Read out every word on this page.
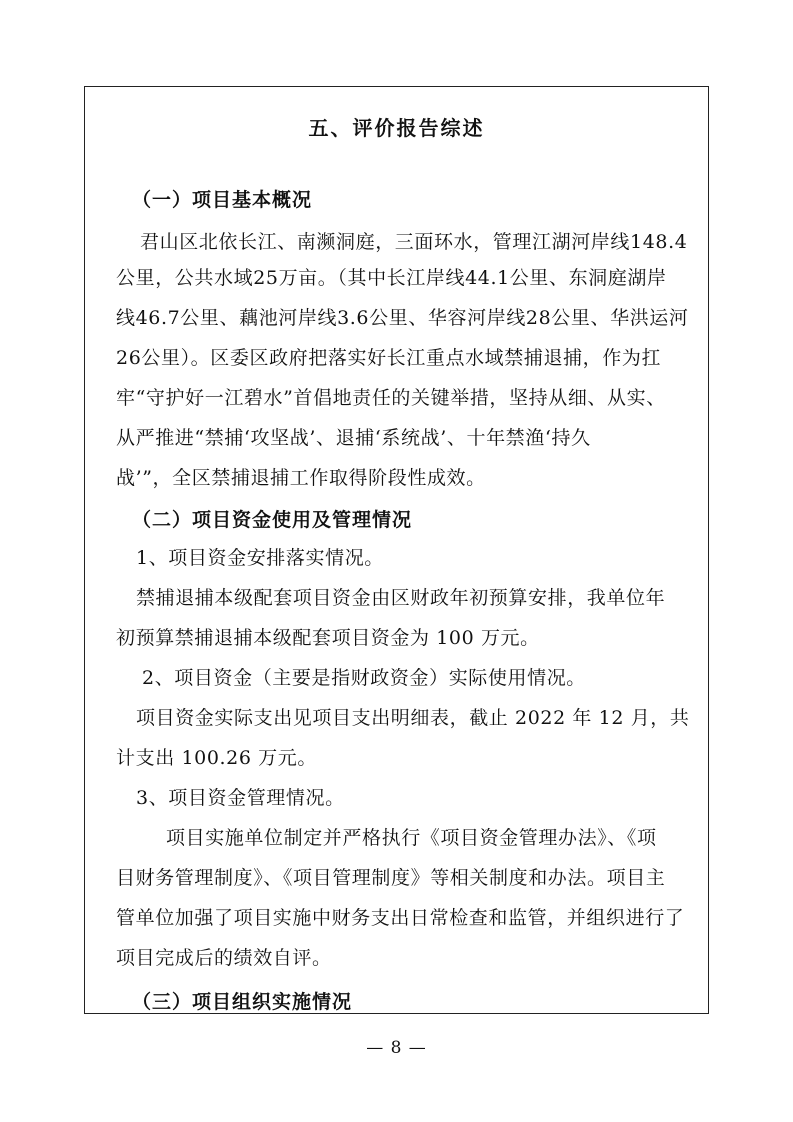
五、评价报告综述
（一）项目基本概况
君山区北依长江、南濒洞庭，三面环水，管理江湖河岸线148.4
公里，公共水域25万亩。（其中长江岸线44.1公里、东洞庭湖岸
线46.7公里、藕池河岸线3.6公里、华容河岸线28公里、华洪运河
26公里）。区委区政府把落实好长江重点水域禁捕退捕，作为扛
牢“守护好一江碧水”首倡地责任的关键举措，坚持从细、从实、
从严推进“禁捕‘攻坚战’、退捕‘系统战’、十年禁渔‘持久
战’”，全区禁捕退捕工作取得阶段性成效。
（二）项目资金使用及管理情况
1、项目资金安排落实情况。
禁捕退捕本级配套项目资金由区财政年初预算安排，我单位年
初预算禁捕退捕本级配套项目资金为 100 万元。
2、项目资金（主要是指财政资金）实际使用情况。
项目资金实际支出见项目支出明细表，截止 2022 年 12 月，共
计支出 100.26 万元。
3、项目资金管理情况。
项目实施单位制定并严格执行《项目资金管理办法》、《项
目财务管理制度》、《项目管理制度》等相关制度和办法。项目主
管单位加强了项目实施中财务支出日常检查和监管，并组织进行了
项目完成后的绩效自评。
（三）项目组织实施情况
— 8 —
